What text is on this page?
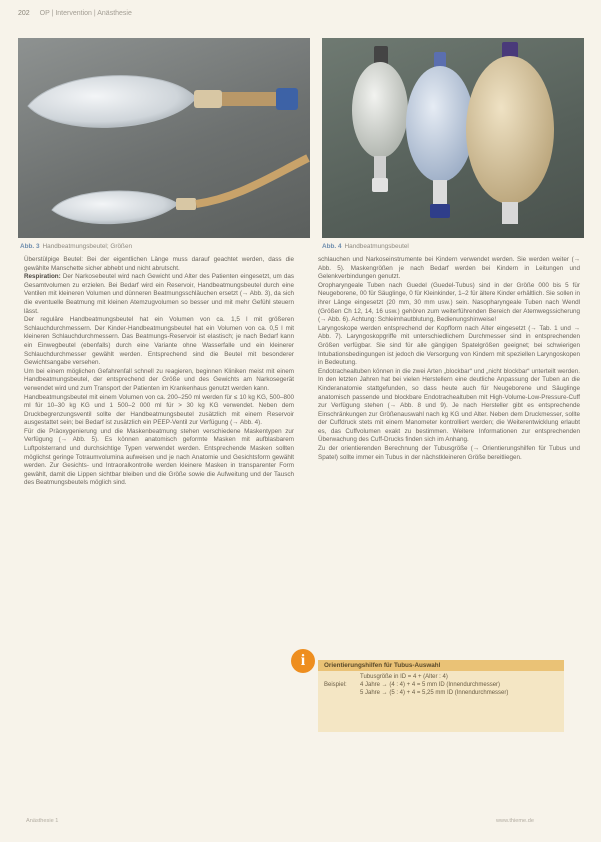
202 OP | Intervention | Anästhesie
Abb. 3 Handbeatmungsbeutel; Größen	Abb. 4 Handbeatmungsbeutel

Überstülpige Beutel: Bei der eigentlichen Länge muss darauf geachtet werden, dass die gewählte Manschette sicher abhebt und nicht abrutscht.

Respiration: Der Narkosebeutel wird nach Gewicht und Alter des Patienten eingesetzt, um das Gesamtvolumen zu erzielen. Bei Bedarf wird ein Reservoir, Handbeatmungsbeutel durch eine Ventilen mit kleineren Volumen und dünneren Beatmungsschläuchen ersetzt (→ Abb. 3), da sich die eventuelle Beatmung mit kleinen Atemzugvolumen so besser und mit mehr Gefühl steuern lässt.

Der reguläre Handbeatmungsbeutel hat ein Volumen von ca. 1,5 l mit größeren Schlauchdurchmessern. Der Kinder-Handbeatmungsbeutel hat ein Volumen von ca. 0,5 l mit kleineren Schlauchdurchmessern. Das Beatmungs-Reservoir ist elastisch; je nach Bedarf kann ein Einwegbeutel (ebenfalls) durch eine Variante ohne Wasserfalle und ein kleinerer Schlauchdurchmesser gewählt werden. Entsprechend sind die Beutel mit besonderer Gewichtsangabe versehen.

Um bei einem möglichen Gefahrenfall schnell zu reagieren, beginnen Kliniken meist mit einem Handbeatmungsbeutel, der entsprechend der Größe und des Gewichts am Narkosegerät verwendet wird und zum Transport der Patienten im Krankenhaus genutzt werden kann.

Handbeatmungsbeutel mit einem Volumen von ca. 200–250 ml werden für ≤ 10 kg KG, 500–800 ml für 10–30 kg KG und 1 500–2 000 ml für > 30 kg KG verwendet. Neben dem Druckbegrenzungsventil sollte der Handbeatmungsbeutel zusätzlich mit einem Reservoir ausgestattet sein; bei Bedarf ist zusätzlich ein PEEP-Ventil zur Verfügung (→ Abb. 4).

Für die Präoxygenierung und die Maskenbeatmung stehen verschiedene Maskentypen zur Verfügung (→ Abb. 5). Es können anatomisch geformte Masken mit aufblasbarem Luftpolsterrand und durchsichtige Typen verwendet werden. Entsprechende Masken sollten möglichst geringe Totraumvolumina aufweisen und je nach Anatomie und Gesichtsform gewählt werden. Zur Gesichts- und Intraoralkontrolle werden kleinere Masken in transparenter Form gewählt, damit die Lippen sichtbar bleiben und die Größe sowie die Aufweitung und der Tausch des Beatmungsbeutels möglich sind.

schlauchen und Narkoseinstrumente bei Kindern verwendet werden. Sie werden weiter (→ Abb. 5). Maskengrößen je nach Bedarf werden bei Kindern in Leitungen und Gelenkverbindungen genutzt.

Oropharyngeale Tuben nach Guedel (Guedel-Tubus) sind in der Größe 000 bis 5 für Neugeborene, 00 für Säuglinge, 0 für Kleinkinder, 1–2 für ältere Kinder erhältlich. Sie sollen in ihrer Länge eingesetzt (20 mm, 30 mm usw.) sein. Nasopharyngeale Tuben nach Wendl (Größen Ch 12, 14, 16 usw.) gehören zum weiterführenden Bereich der Atemwegssicherung (→ Abb. 6). Achtung: Schleimhautblutung, Bedienungshinweise!

Laryngoskope werden entsprechend der Kopfform nach Alter eingesetzt (→ Tab. 1 und → Abb. 7). Laryngoskopgriffe mit unterschiedlichem Durchmesser sind in entsprechenden Größen verfügbar. Sie sind für alle gängigen Spatelgrößen geeignet; bei schwierigen Intubationsbedingungen ist jedoch die Versorgung von Kindern mit speziellen Laryngoskopen in Bedeutung.

Endotrachealtuben können in die zwei Arten „blockbar“ und „nicht blockbar“ unterteilt werden. In den letzten Jahren hat bei vielen Herstellern eine deutliche Anpassung der Tuben an die Kinderanatomie stattgefunden, so dass heute auch für Neugeborene und Säuglinge anatomisch passende und blockbare Endotrachealtuben mit High-Volume-Low-Pressure-Cuff zur Verfügung stehen (→ Abb. 8 und 9). Je nach Hersteller gibt es entsprechende Einschränkungen zur Größenauswahl nach kg KG und Alter. Neben dem Druckmesser, sollte der Cuffdruck stets mit einem Manometer kontrolliert werden; die Weiterentwicklung erlaubt es, das Cuffvolumen exakt zu bestimmen. Weitere Informationen zur entsprechenden Überwachung des Cuff-Drucks finden sich im Anhang.

Zu der orientierenden Berechnung der Tubusgröße (→ Orientierungshilfen für Tubus und Spatel) sollte immer ein Tubus in der nächstkleineren Größe bereitliegen.

i	Orientierungshilfen für Tubus-Auswahl
Tubusgröße in ID = 4 + (Alter : 4)
Beispiel:	4 Jahre → (4 : 4) + 4 = 5 mm ID (Innendurchmesser)
5 Jahre → (5 : 4) + 4 = 5,25 mm ID (Innendurchmesser)
Anästhesie 1	www.thieme.de
